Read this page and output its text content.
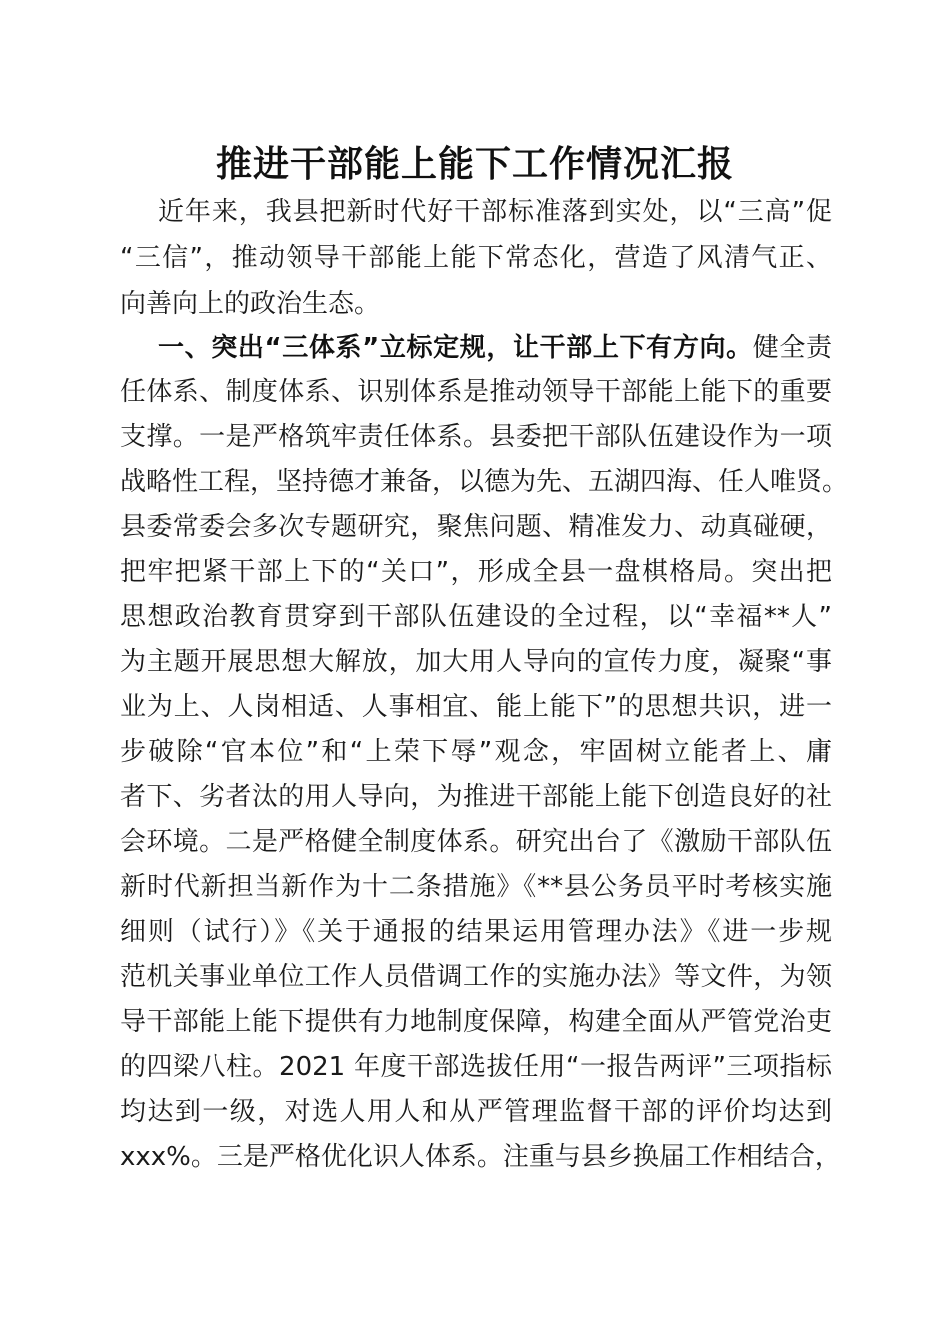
推进干部能上能下工作情况汇报
近年来，我县把新时代好干部标准落到实处，以“三高”促
“三信”，推动领导干部能上能下常态化，营造了风清气正、
向善向上的政治生态。
一、突出“三体系”立标定规，让干部上下有方向。健全责
任体系、制度体系、识别体系是推动领导干部能上能下的重要
支撑。一是严格筑牢责任体系。县委把干部队伍建设作为一项
战略性工程，坚持德才兼备，以德为先、五湖四海、任人唯贤。
县委常委会多次专题研究，聚焦问题、精准发力、动真碰硬，
把牢把紧干部上下的“关口”，形成全县一盘棋格局。突出把
思想政治教育贯穿到干部队伍建设的全过程，以“幸福**人”
为主题开展思想大解放，加大用人导向的宣传力度，凝聚“事
业为上、人岗相适、人事相宜、能上能下”的思想共识，进一
步破除“官本位”和“上荣下辱”观念，牢固树立能者上、庸
者下、劣者汰的用人导向，为推进干部能上能下创造良好的社
会环境。二是严格健全制度体系。研究出台了《激励干部队伍
新时代新担当新作为十二条措施》《**县公务员平时考核实施
细则（试行）》《关于通报的结果运用管理办法》《进一步规
范机关事业单位工作人员借调工作的实施办法》等文件，为领
导干部能上能下提供有力地制度保障，构建全面从严管党治吏
的四梁八柱。2021 年度干部选拔任用“一报告两评”三项指标
均达到一级，对选人用人和从严管理监督干部的评价均达到
xxx%。三是严格优化识人体系。注重与县乡换届工作相结合，
